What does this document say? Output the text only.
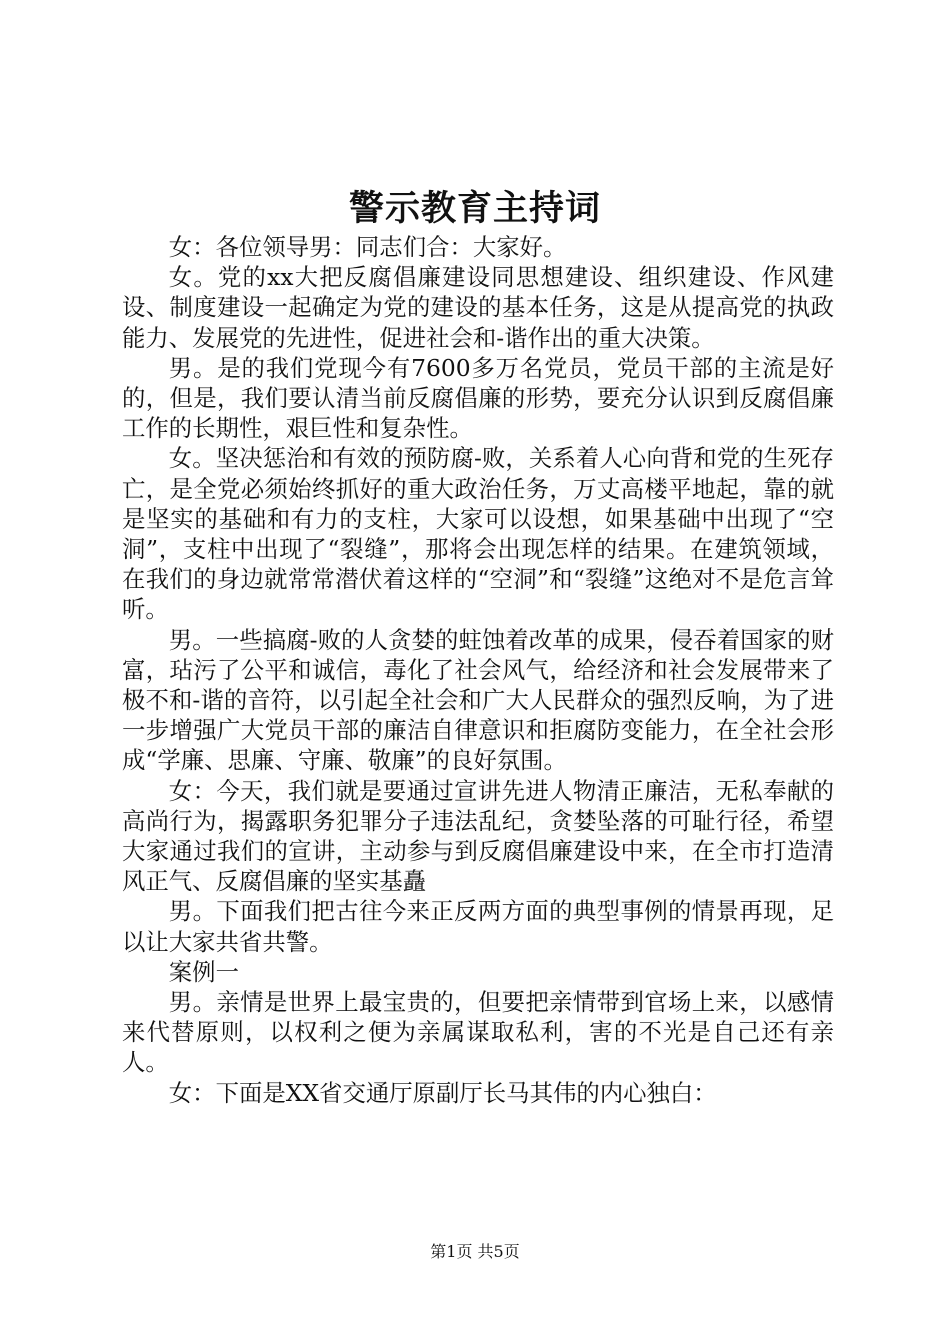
警示教育主持词

女：各位领导男：同志们合：大家好。

女。党的xx大把反腐倡廉建设同思想建设、组织建设、作风建设、制度建设一起确定为党的建设的基本任务，这是从提高党的执政能力、发展党的先进性，促进社会和-谐作出的重大决策。

男。是的我们党现今有7600多万名党员，党员干部的主流是好的，但是，我们要认清当前反腐倡廉的形势，要充分认识到反腐倡廉工作的长期性，艰巨性和复杂性。

女。坚决惩治和有效的预防腐-败，关系着人心向背和党的生死存亡，是全党必须始终抓好的重大政治任务，万丈高楼平地起，靠的就是坚实的基础和有力的支柱，大家可以设想，如果基础中出现了“空洞”，支柱中出现了“裂缝”，那将会出现怎样的结果。在建筑领域，在我们的身边就常常潜伏着这样的“空洞”和“裂缝”这绝对不是危言耸听。

男。一些搞腐-败的人贪婪的蛀蚀着改革的成果，侵吞着国家的财富，玷污了公平和诚信，毒化了社会风气，给经济和社会发展带来了极不和-谐的音符，以引起全社会和广大人民群众的强烈反响，为了进一步增强广大党员干部的廉洁自律意识和拒腐防变能力，在全社会形成“学廉、思廉、守廉、敬廉”的良好氛围。

女：今天，我们就是要通过宣讲先进人物清正廉洁，无私奉献的高尚行为，揭露职务犯罪分子违法乱纪，贪婪坠落的可耻行径，希望大家通过我们的宣讲，主动参与到反腐倡廉建设中来，在全市打造清风正气、反腐倡廉的坚实基矗

男。下面我们把古往今来正反两方面的典型事例的情景再现，足以让大家共省共警。

案例一

男。亲情是世界上最宝贵的，但要把亲情带到官场上来，以感情来代替原则，以权利之便为亲属谋取私利，害的不光是自己还有亲人。

女：下面是XX省交通厅原副厅长马其伟的内心独白：

第1页 共5页
